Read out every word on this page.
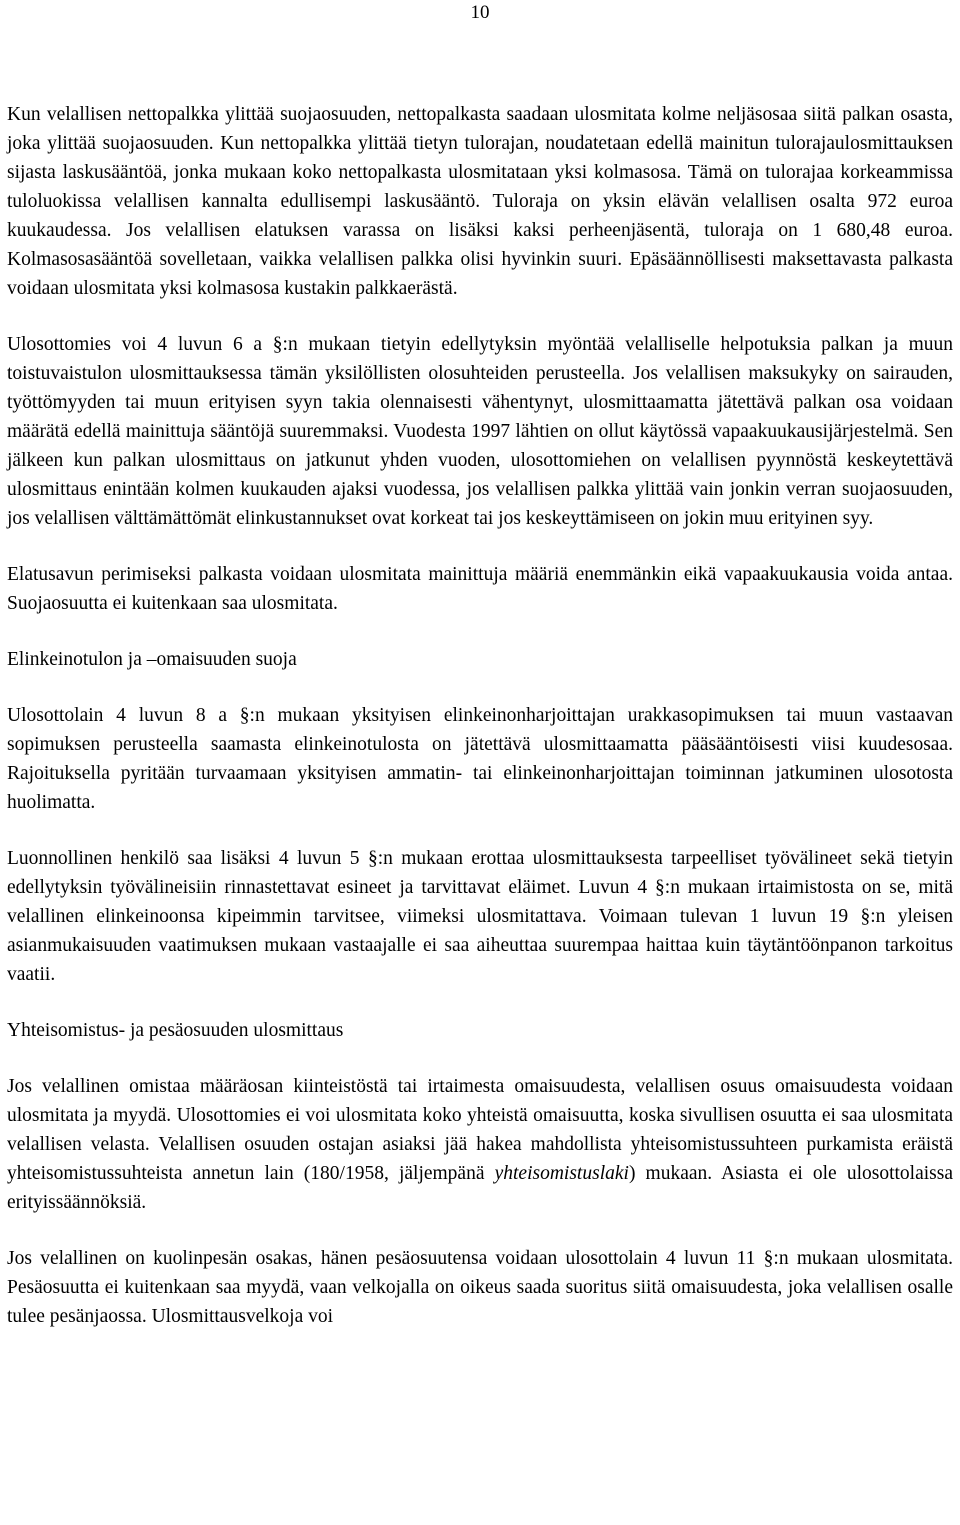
10

Kun velallisen nettopalkka ylittää suojaosuuden, nettopalkasta saadaan ulosmitata kolme neljäsosaa siitä palkan osasta, joka ylittää suojaosuuden. Kun nettopalkka ylittää tietyn tulorajan, noudatetaan edellä mainitun tulorajaulosmittauksen sijasta laskusääntöä, jonka mukaan koko nettopalkasta ulosmitataan yksi kolmasosa. Tämä on tulorajaa korkeammissa tuloluokissa velallisen kannalta edullisempi laskusääntö. Tuloraja on yksin elävän velallisen osalta 972 euroa kuukaudessa. Jos velallisen elatuksen varassa on lisäksi kaksi perheenjäsentä, tuloraja on 1 680,48 euroa. Kolmasosasääntöä sovelletaan, vaikka velallisen palkka olisi hyvinkin suuri. Epäsäännöllisesti maksettavasta palkasta voidaan ulosmitata yksi kolmasosa kustakin palkkaerästä.

Ulosottomies voi 4 luvun 6 a §:n mukaan tietyin edellytyksin myöntää velalliselle helpotuksia palkan ja muun toistuvaistulon ulosmittauksessa tämän yksilöllisten olosuhteiden perusteella. Jos velallisen maksukyky on sairauden, työttömyyden tai muun erityisen syyn takia olennaisesti vähentynyt, ulosmittaamatta jätettävä palkan osa voidaan määrätä edellä mainittuja sääntöjä suuremmaksi. Vuodesta 1997 lähtien on ollut käytössä vapaakuukausijärjestelmä. Sen jälkeen kun palkan ulosmittaus on jatkunut yhden vuoden, ulosottomiehen on velallisen pyynnöstä keskeytettävä ulosmittaus enintään kolmen kuukauden ajaksi vuodessa, jos velallisen palkka ylittää vain jonkin verran suojaosuuden, jos velallisen välttämättömät elinkustannukset ovat korkeat tai jos keskeyttämiseen on jokin muu erityinen syy.

Elatusavun perimiseksi palkasta voidaan ulosmitata mainittuja määriä enemmänkin eikä vapaakuukausia voida antaa. Suojaosuutta ei kuitenkaan saa ulosmitata.

Elinkeinotulon ja –omaisuuden suoja

Ulosottolain 4 luvun 8 a §:n mukaan yksityisen elinkeinonharjoittajan urakkasopimuksen tai muun vastaavan sopimuksen perusteella saamasta elinkeinotulosta on jätettävä ulosmittaamatta pääsääntöisesti viisi kuudesosaa. Rajoituksella pyritään turvaamaan yksityisen ammatin- tai elinkeinonharjoittajan toiminnan jatkuminen ulosotosta huolimatta.

Luonnollinen henkilö saa lisäksi 4 luvun 5 §:n mukaan erottaa ulosmittauksesta tarpeelliset työvälineet sekä tietyin edellytyksin työvälineisiin rinnastettavat esineet ja tarvittavat eläimet. Luvun 4 §:n mukaan irtaimistosta on se, mitä velallinen elinkeinoonsa kipeimmin tarvitsee, viimeksi ulosmitattava. Voimaan tulevan 1 luvun 19 §:n yleisen asianmukaisuuden vaatimuksen mukaan vastaajalle ei saa aiheuttaa suurempaa haittaa kuin täytäntöönpanon tarkoitus vaatii.

Yhteisomistus- ja pesäosuuden ulosmittaus

Jos velallinen omistaa määräosan kiinteistöstä tai irtaimesta omaisuudesta, velallisen osuus omaisuudesta voidaan ulosmitata ja myydä. Ulosottomies ei voi ulosmitata koko yhteistä omaisuutta, koska sivullisen osuutta ei saa ulosmitata velallisen velasta. Velallisen osuuden ostajan asiaksi jää hakea mahdollista yhteisomistussuhteen purkamista eräistä yhteisomistussuhteista annetun lain (180/1958, jäljempänä yhteisomistuslaki) mukaan. Asiasta ei ole ulosottolaissa erityissäännöksiä.

Jos velallinen on kuolinpesän osakas, hänen pesäosuutensa voidaan ulosottolain 4 luvun 11 §:n mukaan ulosmitata. Pesäosuutta ei kuitenkaan saa myydä, vaan velkojalla on oikeus saada suoritus siitä omaisuudesta, joka velallisen osalle tulee pesänjaossa. Ulosmittausvelkoja voi
